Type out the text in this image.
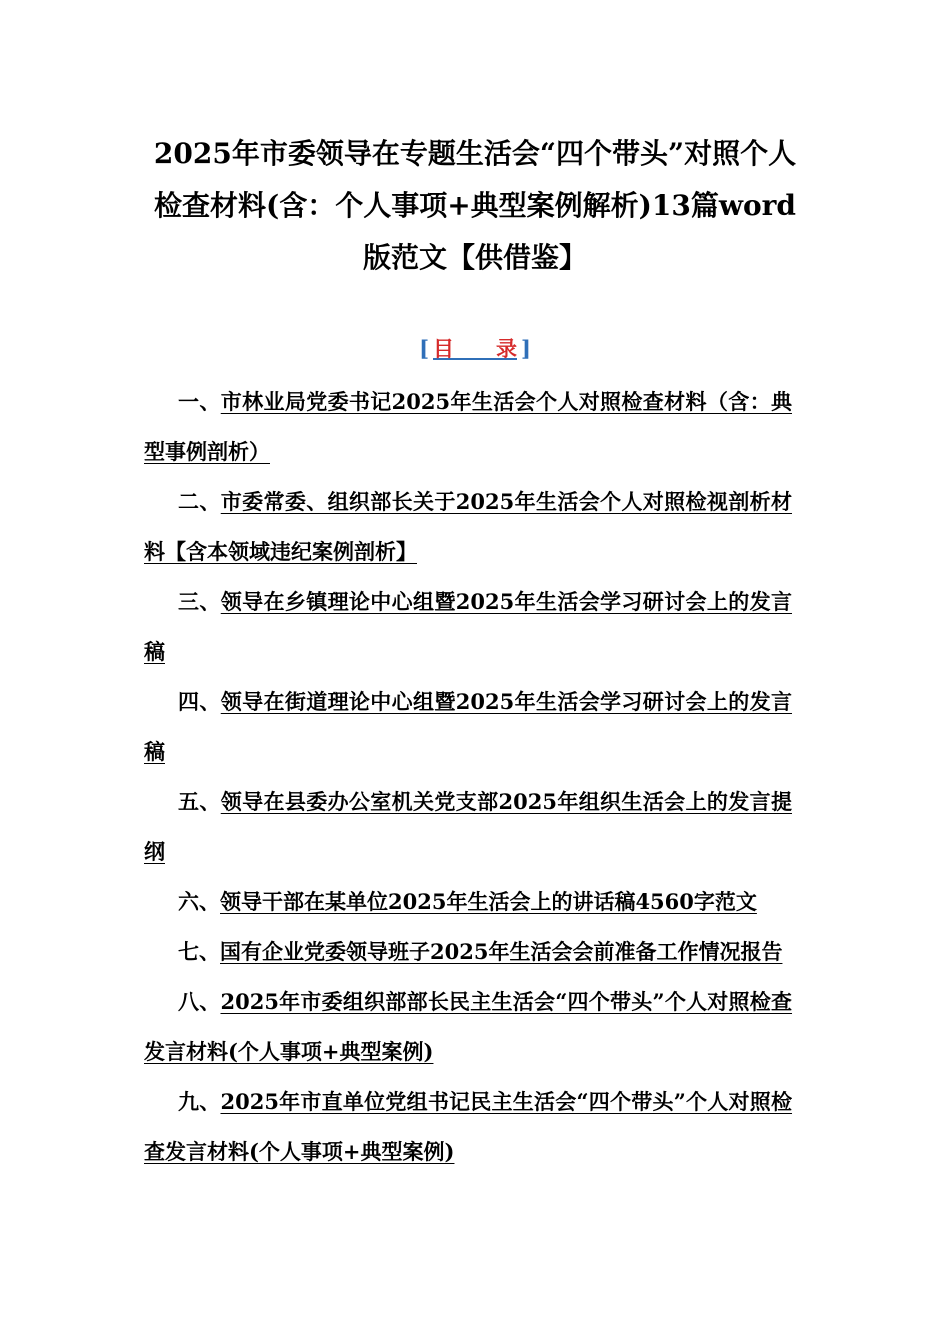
2025年市委领导在专题生活会“四个带头”对照个人检查材料(含：个人事项+典型案例解析)13篇word版范文【供借鉴】
[ 目　　录 ]
一、市林业局党委书记2025年生活会个人对照检查材料（含：典型事例剖析）
二、市委常委、组织部长关于2025年生活会个人对照检视剖析材料【含本领域违纪案例剖析】
三、领导在乡镇理论中心组暨2025年生活会学习研讨会上的发言稿
四、领导在街道理论中心组暨2025年生活会学习研讨会上的发言稿
五、领导在县委办公室机关党支部2025年组织生活会上的发言提纲
六、领导干部在某单位2025年生活会上的讲话稿4560字范文
七、国有企业党委领导班子2025年生活会会前准备工作情况报告
八、2025年市委组织部部长民主生活会“四个带头”个人对照检查发言材料(个人事项+典型案例)
九、2025年市直单位党组书记民主生活会“四个带头”个人对照检查发言材料(个人事项+典型案例)
